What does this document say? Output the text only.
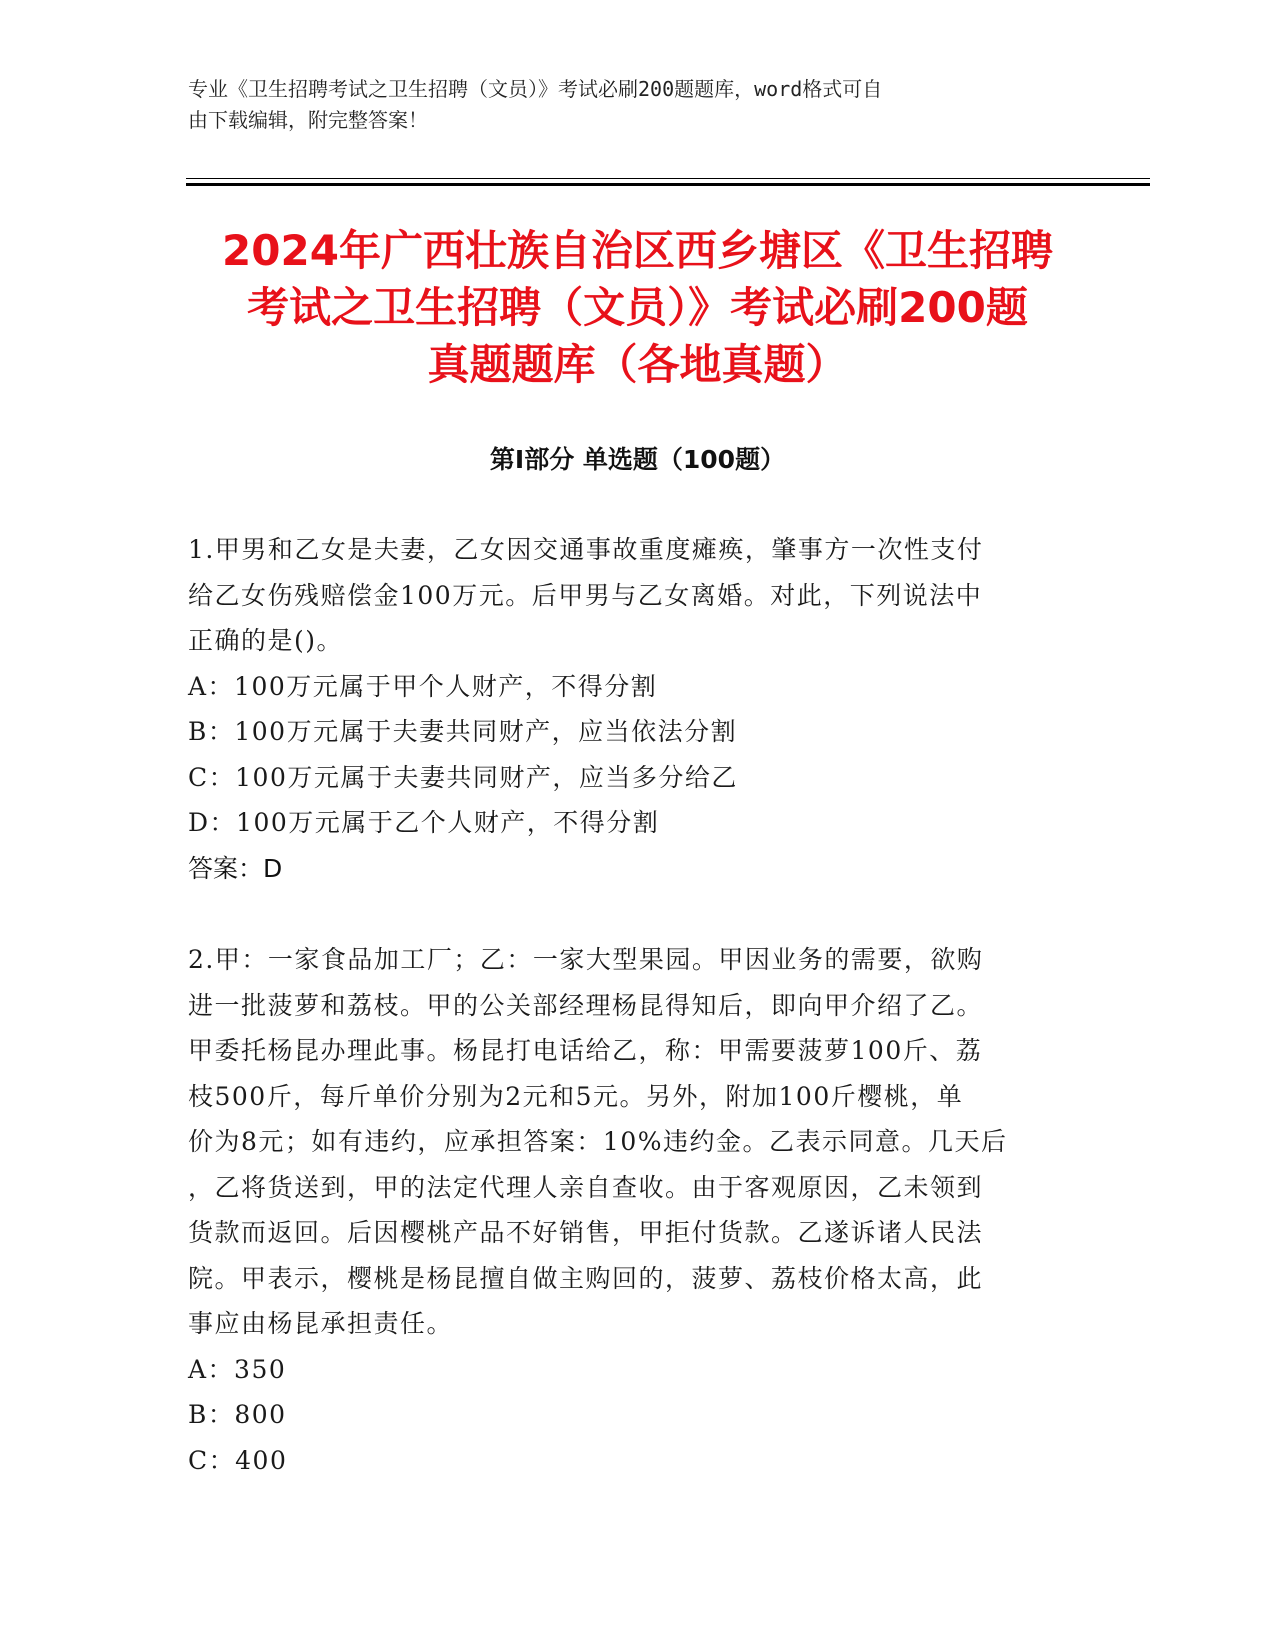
专业《卫生招聘考试之卫生招聘（文员）》考试必刷200题题库，word格式可自
由下载编辑，附完整答案！
2024年广西壮族自治区西乡塘区《卫生招聘
考试之卫生招聘（文员）》考试必刷200题
真题题库（各地真题）
第Ⅰ部分 单选题（100题）
1.甲男和乙女是夫妻，乙女因交通事故重度瘫痪，肇事方一次性支付
给乙女伤残赔偿金100万元。后甲男与乙女离婚。对此，下列说法中
正确的是()。
A：100万元属于甲个人财产，不得分割
B：100万元属于夫妻共同财产，应当依法分割
C：100万元属于夫妻共同财产，应当多分给乙
D：100万元属于乙个人财产，不得分割
答案：D
2.甲：一家食品加工厂；乙：一家大型果园。甲因业务的需要，欲购
进一批菠萝和荔枝。甲的公关部经理杨昆得知后，即向甲介绍了乙。
甲委托杨昆办理此事。杨昆打电话给乙，称：甲需要菠萝100斤、荔
枝500斤，每斤单价分别为2元和5元。另外，附加100斤樱桃，单
价为8元；如有违约，应承担答案：10%违约金。乙表示同意。几天后
，乙将货送到，甲的法定代理人亲自查收。由于客观原因，乙未领到
货款而返回。后因樱桃产品不好销售，甲拒付货款。乙遂诉诸人民法
院。甲表示，樱桃是杨昆擅自做主购回的，菠萝、荔枝价格太高，此
事应由杨昆承担责任。
A：350
B：800
C：400
